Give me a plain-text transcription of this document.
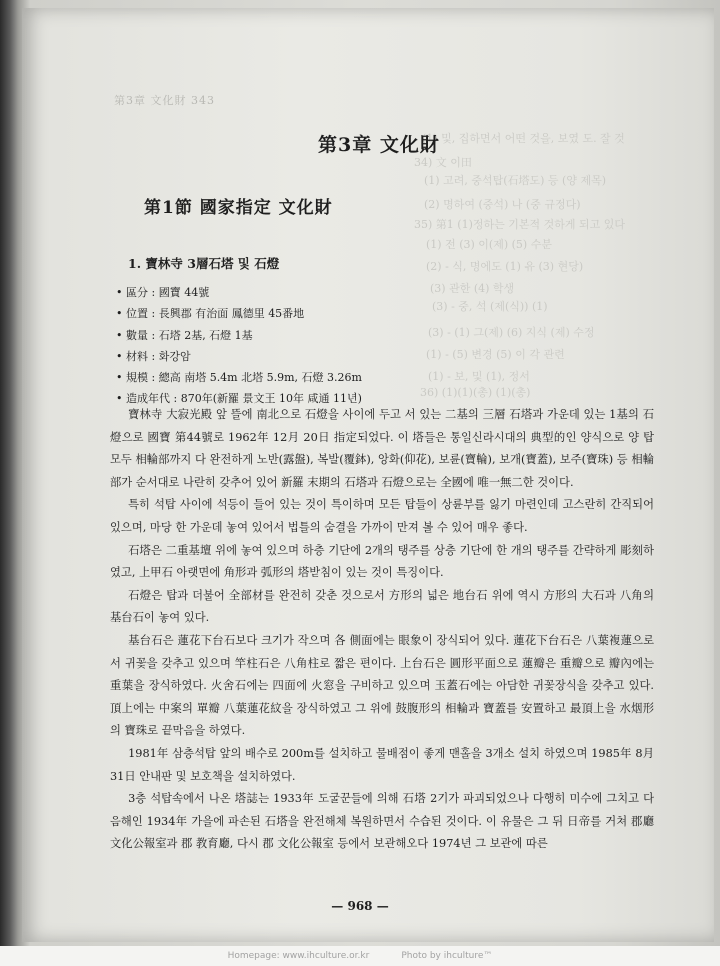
第3章 文化財 343
(1) 및, 집하면서 어떤 것을, 보였 도. 잘 것
34) 文 이田
(1) 고려, 중석탑(石塔도) 등 (양 제목)
(2) 명하여 (중석) 나 (중 규정다)
35) 第1 (1)정하는 기본적 것하게 되고 있다
(1) 전 (3) 이(제) (5) 수분
(2) - 식, 명에도 (1) 유 (3) 현당)
(3) 관한 (4) 학생
(3) - 중, 석 (제(식)) (1)
(3) - (1) 그(제) (6) 지식 (제) 수정
(1) - (5) 변경 (5) 이 각 관련
(1) - 보, 및 (1), 정서
36) (1)(1)(총) (1)(총)
第3章 文化財
第1節 國家指定 文化財
1. 寶林寺 3層石塔 및 石燈
• 區分 : 國寶 44號
• 位置 : 長興郡 有治面 鳳德里 45番地
• 數量 : 石塔 2基, 石燈 1基
• 材料 : 화강암
• 規模 : 總高 南塔 5.4m 北塔 5.9m, 石燈 3.26m
• 造成年代 : 870年(新羅 景文王 10年 咸通 11년)

寶林寺 大寂光殿 앞 뜰에 南北으로 石燈을 사이에 두고 서 있는 二基의 三層 石塔과 가운데 있는 1基의 石燈으로 國寶 第44號로 1962年 12月 20日 指定되었다. 이 塔들은 통일신라시대의 典型的인 양식으로 양 탑 모두 相輪部까지 다 완전하게 노반(露盤), 복발(覆鉢), 앙화(仰花), 보륜(寶輪), 보개(寶蓋), 보주(寶珠) 등 相輪部가 순서대로 나란히 갖추어 있어 新羅 末期의 石塔과 石燈으로는 全國에 唯一無二한 것이다.

특히 석탑 사이에 석등이 들어 있는 것이 특이하며 모든 탑들이 상륜부를 잃기 마련인데 고스란히 간직되어 있으며, 마당 한 가운데 놓여 있어서 법틀의 숨결을 가까이 만져 볼 수 있어 매우 좋다.

石塔은 二重基壇 위에 놓여 있으며 하층 기단에 2개의 탱주를 상층 기단에 한 개의 탱주를 간략하게 彫刻하였고, 上甲石 아랫면에 角形과 弧形의 塔받침이 있는 것이 특징이다.

石燈은 탑과 더불어 全部材를 완전히 갖춘 것으로서 方形의 넓은 地台石 위에 역시 方形의 大石과 八角의 基台石이 놓여 있다.

基台石은 蓮花下台石보다 크기가 작으며 各 側面에는 眼象이 장식되어 있다. 蓮花下台石은 八葉複蓮으로서 귀꽃을 갖추고 있으며 竿柱石은 八角柱로 짧은 편이다. 上台石은 圓形平面으로 蓮瓣은 重瓣으로 瓣內에는 重葉을 장식하였다. 火舍石에는 四面에 火窓을 구비하고 있으며 玉蓋石에는 아담한 귀꽃장식을 갖추고 있다. 頂上에는 中案의 單瓣 八葉蓮花紋을 장식하였고 그 위에 鼓腹形의 相輪과 寶蓋를 安置하고 最頂上을 水烟形의 寶珠로 끝막음을 하였다.

1981年 삼층석탑 앞의 배수로 200m를 설치하고 물배점이 좋게 맨홀을 3개소 설치 하였으며 1985年 8月 31日 안내판 및 보호책을 설치하였다.

3층 석탑속에서 나온 塔誌는 1933年 도굴꾼들에 의해 石塔 2기가 파괴되었으나 다행히 미수에 그치고 다음해인 1934年 가을에 파손된 石塔을 완전해체 복원하면서 수습된 것이다. 이 유물은 그 뒤 日帝를 거쳐 郡廳 文化公報室과 郡 教育廳, 다시 郡 文化公報室 등에서 보관해오다 1974년 그 보관에 따른

— 968 —
Homepage: www.ihculture.or.kr	Photo by ihculture™
